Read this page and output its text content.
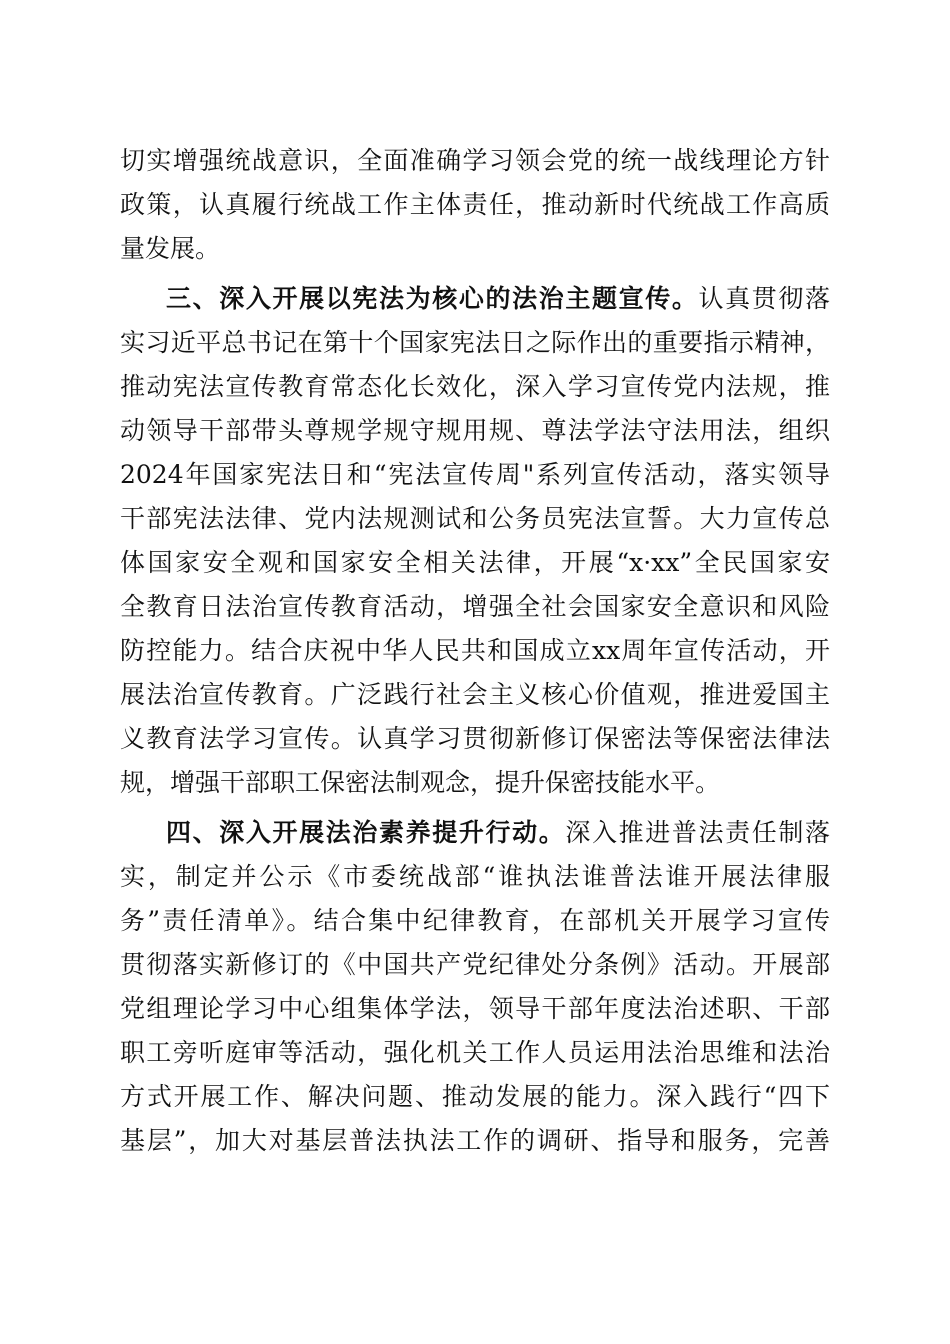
切实增强统战意识，全面准确学习领会党的统一战线理论方针
政策，认真履行统战工作主体责任，推动新时代统战工作高质
量发展。
三、深入开展以宪法为核心的法治主题宣传。认真贯彻落
实习近平总书记在第十个国家宪法日之际作出的重要指示精神，
推动宪法宣传教育常态化长效化，深入学习宣传党内法规，推
动领导干部带头尊规学规守规用规、尊法学法守法用法，组织
2024年国家宪法日和“宪法宣传周"系列宣传活动，落实领导
干部宪法法律、党内法规测试和公务员宪法宣誓。大力宣传总
体国家安全观和国家安全相关法律，开展“x·xx”全民国家安
全教育日法治宣传教育活动，增强全社会国家安全意识和风险
防控能力。结合庆祝中华人民共和国成立xx周年宣传活动，开
展法治宣传教育。广泛践行社会主义核心价值观，推进爱国主
义教育法学习宣传。认真学习贯彻新修订保密法等保密法律法
规，增强干部职工保密法制观念，提升保密技能水平。
四、深入开展法治素养提升行动。深入推进普法责任制落
实，制定并公示《市委统战部“谁执法谁普法谁开展法律服
务”责任清单》。结合集中纪律教育，在部机关开展学习宣传
贯彻落实新修订的《中国共产党纪律处分条例》活动。开展部
党组理论学习中心组集体学法，领导干部年度法治述职、干部
职工旁听庭审等活动，强化机关工作人员运用法治思维和法治
方式开展工作、解决问题、推动发展的能力。深入践行“四下
基层”，加大对基层普法执法工作的调研、指导和服务，完善
